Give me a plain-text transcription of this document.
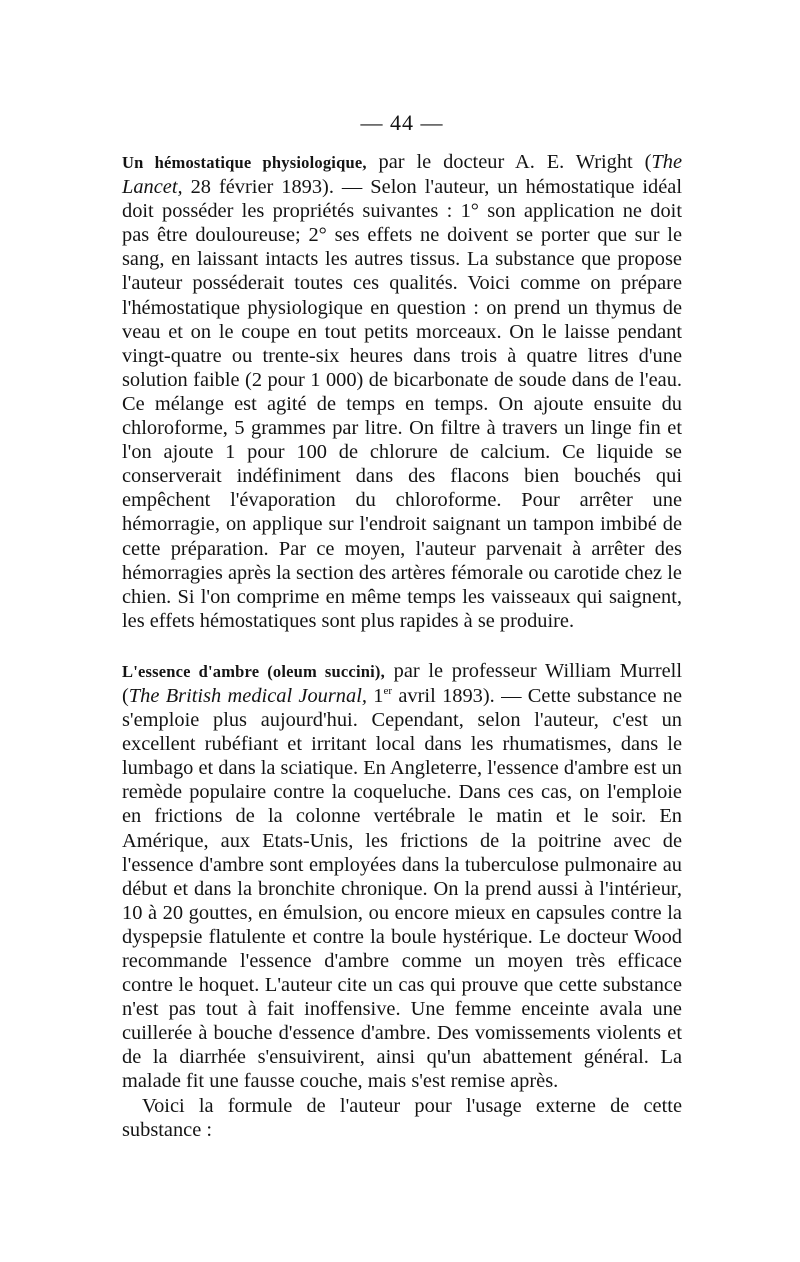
— 44 —

Un hémostatique physiologique, par le docteur A. E. Wright (The Lancet, 28 février 1893). — Selon l'auteur, un hémostatique idéal doit posséder les propriétés suivantes : 1° son application ne doit pas être douloureuse; 2° ses effets ne doivent se porter que sur le sang, en laissant intacts les autres tissus. La substance que propose l'auteur posséderait toutes ces qualités. Voici comme on prépare l'hémostatique physiologique en question : on prend un thymus de veau et on le coupe en tout petits morceaux. On le laisse pendant vingt-quatre ou trente-six heures dans trois à quatre litres d'une solution faible (2 pour 1 000) de bicarbonate de soude dans de l'eau. Ce mélange est agité de temps en temps. On ajoute ensuite du chloroforme, 5 grammes par litre. On filtre à travers un linge fin et l'on ajoute 1 pour 100 de chlorure de calcium. Ce liquide se conserverait indéfiniment dans des flacons bien bouchés qui empêchent l'évaporation du chloroforme. Pour arrêter une hémorragie, on applique sur l'endroit saignant un tampon imbibé de cette préparation. Par ce moyen, l'auteur parvenait à arrêter des hémorragies après la section des artères fémorale ou carotide chez le chien. Si l'on comprime en même temps les vaisseaux qui saignent, les effets hémostatiques sont plus rapides à se produire.

L'essence d'ambre (oleum succini), par le professeur William Murrell (The British medical Journal, 1er avril 1893). — Cette substance ne s'emploie plus aujourd'hui. Cependant, selon l'auteur, c'est un excellent rubéfiant et irritant local dans les rhumatismes, dans le lumbago et dans la sciatique. En Angleterre, l'essence d'ambre est un remède populaire contre la coqueluche. Dans ces cas, on l'emploie en frictions de la colonne vertébrale le matin et le soir. En Amérique, aux Etats-Unis, les frictions de la poitrine avec de l'essence d'ambre sont employées dans la tuberculose pulmonaire au début et dans la bronchite chronique. On la prend aussi à l'intérieur, 10 à 20 gouttes, en émulsion, ou encore mieux en capsules contre la dyspepsie flatulente et contre la boule hystérique. Le docteur Wood recommande l'essence d'ambre comme un moyen très efficace contre le hoquet. L'auteur cite un cas qui prouve que cette substance n'est pas tout à fait inoffensive. Une femme enceinte avala une cuillerée à bouche d'essence d'ambre. Des vomissements violents et de la diarrhée s'ensuivirent, ainsi qu'un abattement général. La malade fit une fausse couche, mais s'est remise après.

Voici la formule de l'auteur pour l'usage externe de cette substance :
